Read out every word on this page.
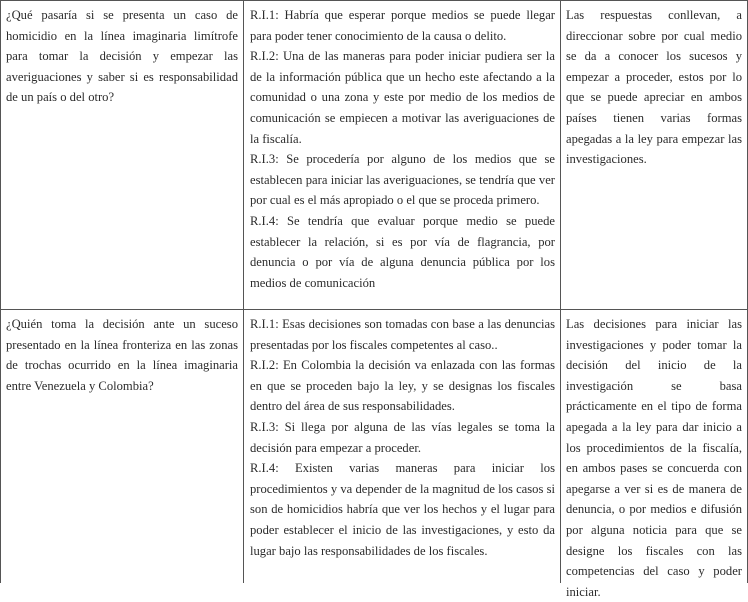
¿Qué pasaría si se presenta un caso de homicidio en la línea imaginaria limítrofe para tomar la decisión y empezar las averiguaciones y saber si es responsabilidad de un país o del otro?

R.I.1: Habría que esperar porque medios se puede llegar para poder tener conocimiento de la causa o delito.

R.I.2: Una de las maneras para poder iniciar pudiera ser la de la información pública que un hecho este afectando a la comunidad o una zona y este por medio de los medios de comunicación se empiecen a motivar las averiguaciones de la fiscalía.

R.I.3: Se procedería por alguno de los medios que se establecen para iniciar las averiguaciones, se tendría que ver por cual es el más apropiado o el que se proceda primero.

R.I.4: Se tendría que evaluar porque medio se puede establecer la relación, si es por vía de flagrancia, por denuncia o por vía de alguna denuncia pública por los medios de comunicación

Las respuestas conllevan, a direccionar sobre por cual medio se da a conocer los sucesos y empezar a proceder, estos por lo que se puede apreciar en ambos países tienen varias formas apegadas a la ley para empezar las investigaciones.

¿Quién toma la decisión ante un suceso presentado en la línea fronteriza en las zonas de trochas ocurrido en la línea imaginaria entre Venezuela y Colombia?

R.I.1: Esas decisiones son tomadas con base a las denuncias presentadas por los fiscales competentes al caso..

R.I.2: En Colombia la decisión va enlazada con las formas en que se proceden bajo la ley, y se designas los fiscales dentro del área de sus responsabilidades.

R.I.3: Si llega por alguna de las vías legales se toma la decisión para empezar a proceder.

R.I.4: Existen varias maneras para iniciar los procedimientos y va depender de la magnitud de los casos si son de homicidios habría que ver los hechos y el lugar para poder establecer el inicio de las investigaciones, y esto da lugar bajo las responsabilidades de los fiscales.

Las decisiones para iniciar las investigaciones y poder tomar la decisión del inicio de la investigación se basa prácticamente en el tipo de forma apegada a la ley para dar inicio a los procedimientos de la fiscalía, en ambos pases se concuerda con apegarse a ver si es de manera de denuncia, o por medios e difusión por alguna noticia para que se designe los fiscales con las competencias del caso y poder iniciar.
